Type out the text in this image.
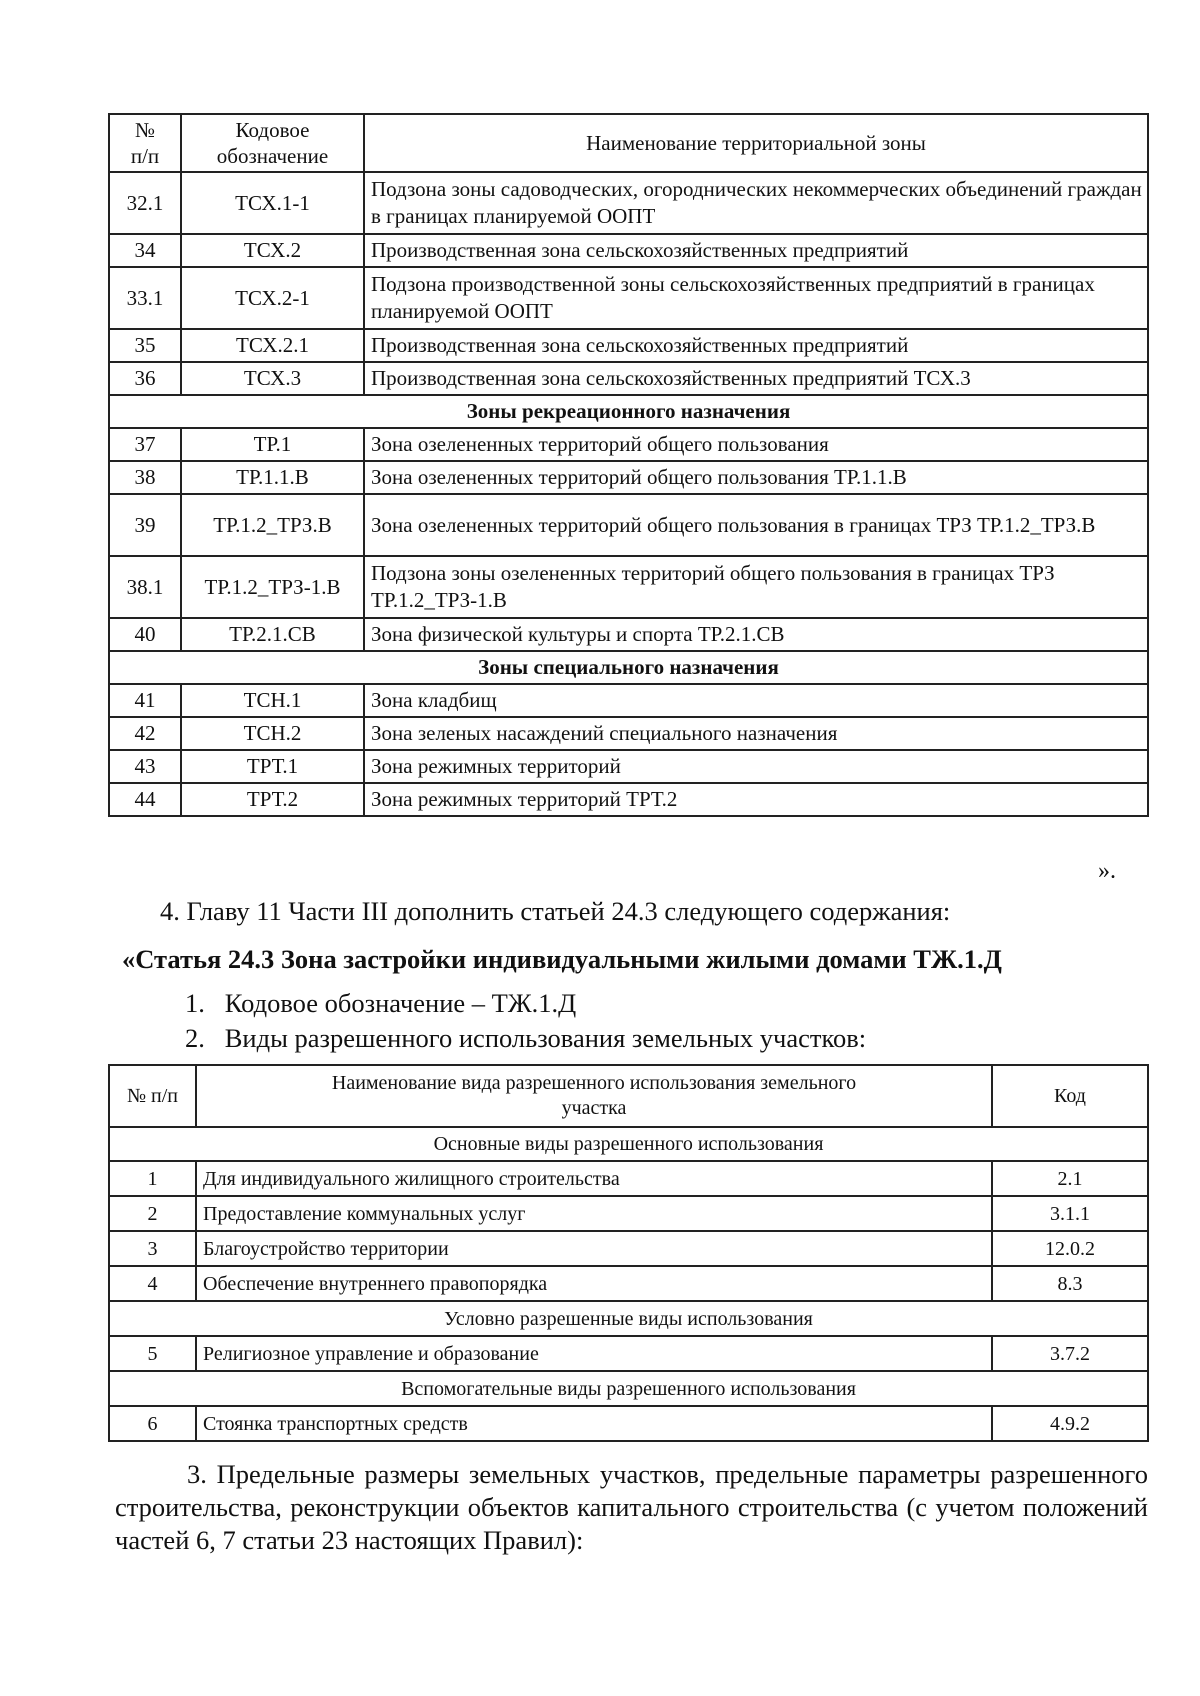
№ п/п	Кодовое обозначение	Наименование территориальной зоны
32.1	ТСХ.1-1	Подзона зоны садоводческих, огороднических некоммерческих объединений граждан в границах планируемой ООПТ
34	ТСХ.2	Производственная зона сельскохозяйственных предприятий
33.1	ТСХ.2-1	Подзона производственной зоны сельскохозяйственных предприятий в границах планируемой ООПТ
35	ТСХ.2.1	Производственная зона сельскохозяйственных предприятий
36	ТСХ.3	Производственная зона сельскохозяйственных предприятий ТСХ.3
Зоны рекреационного назначения		
37	ТР.1	Зона озелененных территорий общего пользования
38	ТР.1.1.В	Зона озелененных территорий общего пользования ТР.1.1.В
39	ТР.1.2_ТРЗ.В	Зона озелененных территорий общего пользования в границах ТРЗ ТР.1.2_ТРЗ.В
38.1	ТР.1.2_ТРЗ-1.В	Подзона зоны озелененных территорий общего пользования в границах ТРЗ   ТР.1.2_ТРЗ-1.В
40	ТР.2.1.СВ	Зона физической культуры и спорта ТР.2.1.СВ
Зоны специального назначения		
41	ТСН.1	Зона кладбищ
42	ТСН.2	Зона зеленых насаждений специального назначения
43	ТРТ.1	Зона режимных территорий
44	ТРТ.2	Зона режимных территорий ТРТ.2
».
4. Главу 11 Части III дополнить статьей 24.3 следующего содержания:
«Статья 24.3 Зона застройки индивидуальными жилыми домами ТЖ.1.Д
1.   Кодовое обозначение – ТЖ.1.Д
2.   Виды разрешенного использования земельных участков:
№ п/п	Наименование вида разрешенного использования земельного участка	Код
Основные виды разрешенного использования		
1	Для индивидуального жилищного строительства	2.1
2	Предоставление коммунальных услуг	3.1.1
3	Благоустройство территории	12.0.2
4	Обеспечение внутреннего правопорядка	8.3
Условно разрешенные виды использования		
5	Религиозное управление и образование	3.7.2
Вспомогательные виды разрешенного использования		
6	Стоянка транспортных средств	4.9.2
3. Предельные размеры земельных участков, предельные параметры разрешенного строительства, реконструкции объектов капитального строительства (с учетом положений частей 6, 7 статьи 23 настоящих Правил):
